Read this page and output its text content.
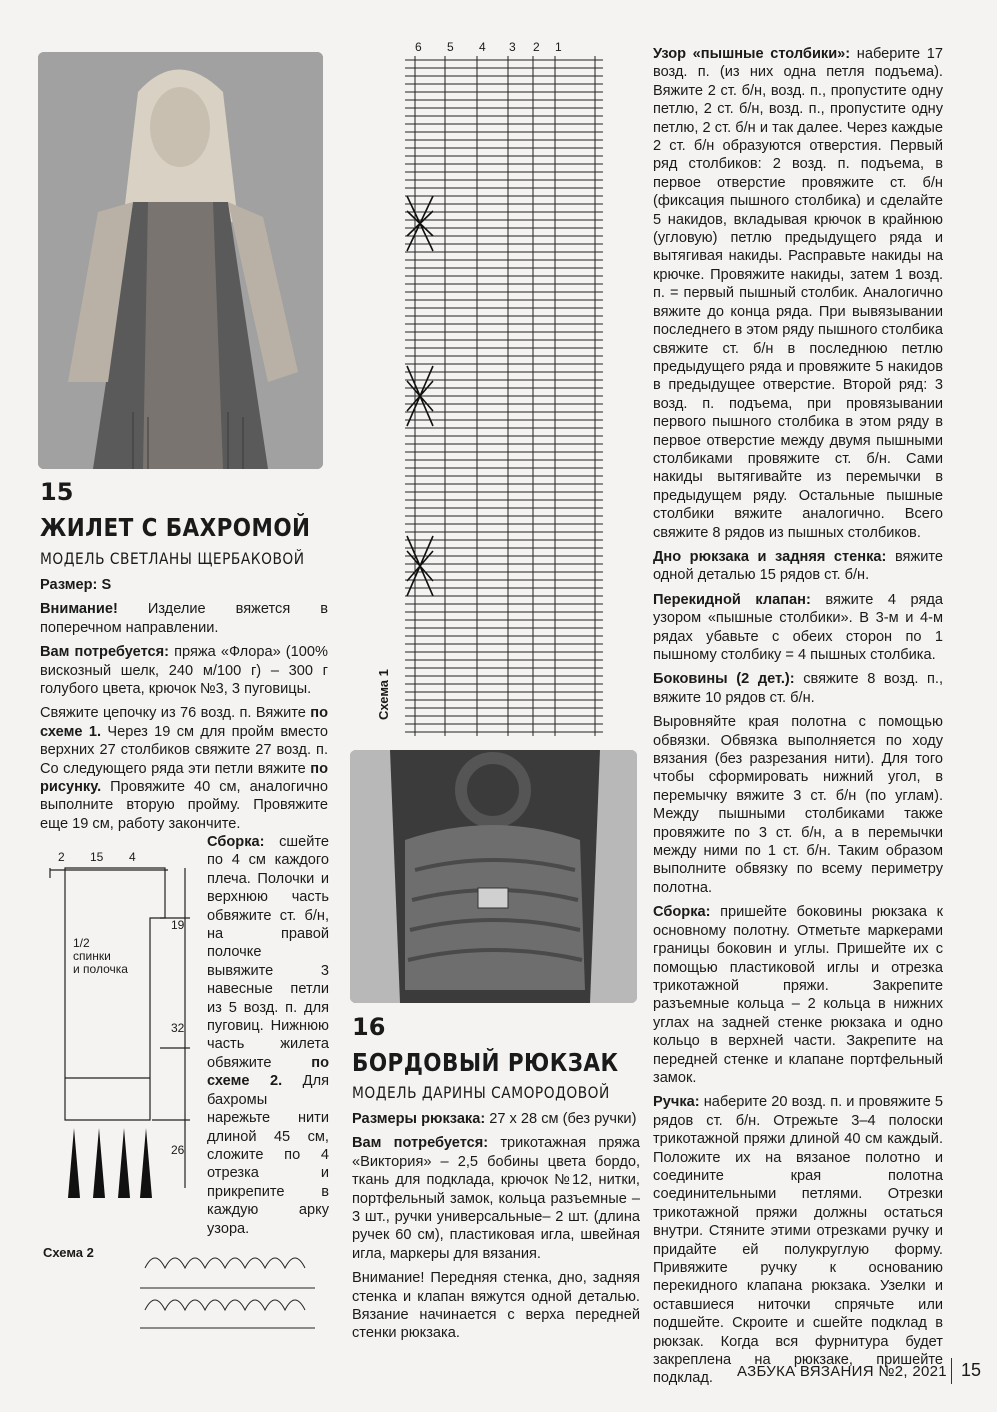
15
ЖИЛЕТ С БАХРОМОЙ
МОДЕЛЬ СВЕТЛАНЫ ЩЕРБАКОВОЙ

Размер: S

Внимание! Изделие вяжется в поперечном направлении.

Вам потребуется: пряжа «Флора» (100% вискозный шелк, 240 м/100 г) – 300 г голубого цвета, крючок №3, 3 пуговицы.

Свяжите цепочку из 76 возд. п. Вяжите по схеме 1. Через 19 см для пройм вместо верхних 27 столбиков свяжите 27 возд. п. Со следующего ряда эти петли вяжите по рисунку. Провяжите 40 см, аналогично выполните вторую пройму. Провяжите еще 19 см, работу закончите.

2 15 4
19
32
26
1/2
спинки
и полочка

Сборка: сшейте по 4 см каждого плеча. Полочки и верхнюю часть обвяжите ст. б/н, на правой полочке вывяжите 3 навесные петли из 5 возд. п. для пуговиц. Нижнюю часть жилета обвяжите по схеме 2. Для бахромы нарежьте нити длиной 45 см, сложите по 4 отрезка и прикрепите в каждую арку узора.

Схема 2
6 5 4 3 2 1
Схема 1
16
БОРДОВЫЙ РЮКЗАК
МОДЕЛЬ ДАРИНЫ САМОРОДОВОЙ

Размеры рюкзака: 27 х 28 см (без ручки)

Вам потребуется: трикотажная пряжа «Виктория» – 2,5 бобины цвета бордо, ткань для подклада, крючок №12, нитки, портфельный замок, кольца разъемные – 3 шт., ручки универсальные– 2 шт. (длина ручек 60 см), пластиковая игла, швейная игла, маркеры для вязания.

Внимание! Передняя стенка, дно, задняя стенка и клапан вяжутся одной деталью. Вязание начинается с верха передней стенки рюкзака.

Узор «пышные столбики»: наберите 17 возд. п. (из них одна петля подъема). Вяжите 2 ст. б/н, возд. п., пропустите одну петлю, 2 ст. б/н, возд. п., пропустите одну петлю, 2 ст. б/н и так далее. Через каждые 2 ст. б/н образуются отверстия. Первый ряд столбиков: 2 возд. п. подъема, в первое отверстие провяжите ст. б/н (фиксация пышного столбика) и сделайте 5 накидов, вкладывая крючок в крайнюю (угловую) петлю предыдущего ряда и вытягивая накиды. Расправьте накиды на крючке. Провяжите накиды, затем 1 возд. п. = первый пышный столбик. Аналогично вяжите до конца ряда. При вывязывании последнего в этом ряду пышного столбика свяжите ст. б/н в последнюю петлю предыдущего ряда и провяжите 5 накидов в предыдущее отверстие. Второй ряд: 3 возд. п. подъема, при провязывании первого пышного столбика в этом ряду в первое отверстие между двумя пышными столбиками провяжите ст. б/н. Сами накиды вытягивайте из перемычки в предыдущем ряду. Остальные пышные столбики вяжите аналогично. Всего свяжите 8 рядов из пышных столбиков.

Дно рюкзака и задняя стенка: вяжите одной деталью 15 рядов ст. б/н.

Перекидной клапан: вяжите 4 ряда узором «пышные столбики». В 3-м и 4-м рядах убавьте с обеих сторон по 1 пышному столбику = 4 пышных столбика.

Боковины (2 дет.): свяжите 8 возд. п., вяжите 10 рядов ст. б/н.

Выровняйте края полотна с помощью обвязки. Обвязка выполняется по ходу вязания (без разрезания нити). Для того чтобы сформировать нижний угол, в перемычку вяжите 3 ст. б/н (по углам). Между пышными столбиками также провяжите по 3 ст. б/н, а в перемычки между ними по 1 ст. б/н. Таким образом выполните обвязку по всему периметру полотна.

Сборка: пришейте боковины рюкзака к основному полотну. Отметьте маркерами границы боковин и углы. Пришейте их с помощью пластиковой иглы и отрезка трикотажной пряжи. Закрепите разъемные кольца – 2 кольца в нижних углах на задней стенке рюкзака и одно кольцо в верхней части. Закрепите на передней стенке и клапане портфельный замок.

Ручка: наберите 20 возд. п. и провяжите 5 рядов ст. б/н. Отрежьте 3–4 полоски трикотажной пряжи длиной 40 см каждый. Положите их на вязаное полотно и соедините края полотна соединительными петлями. Отрезки трикотажной пряжи должны остаться внутри. Стяните этими отрезками ручку и придайте ей полукруглую форму. Привяжите ручку к основанию перекидного клапана рюкзака. Узелки и оставшиеся ниточки спрячьте или подшейте. Скроите и сшейте подклад в рюкзак. Когда вся фурнитура будет закреплена на рюкзаке, пришейте подклад.	АЗБУКА ВЯЗАНИЯ №2, 2021 15
